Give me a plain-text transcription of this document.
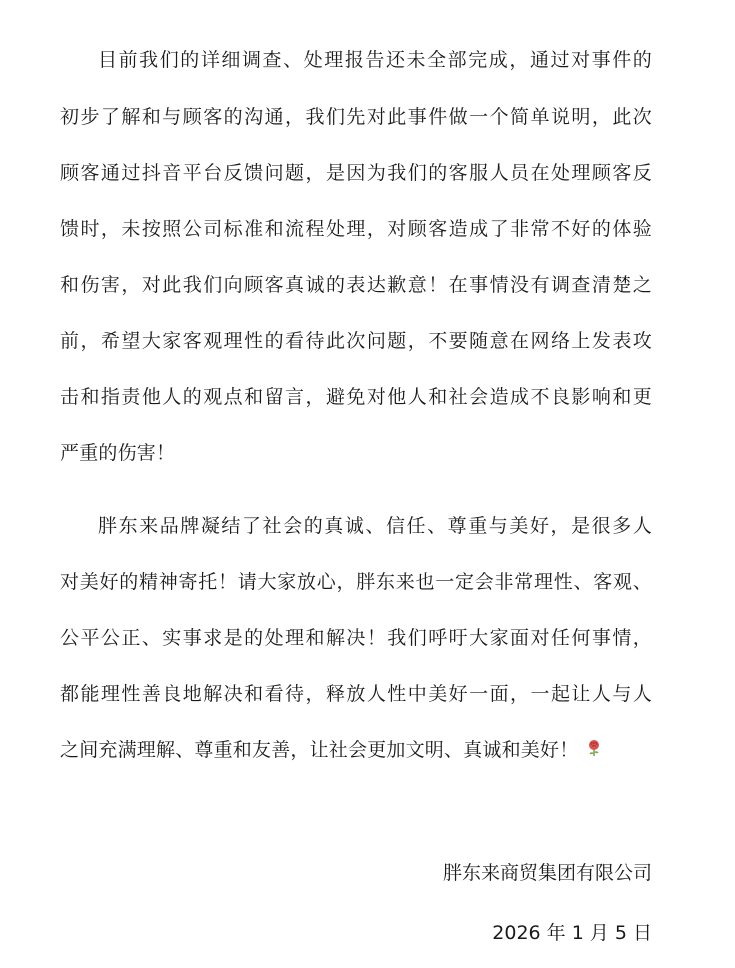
目前我们的详细调查、处理报告还未全部完成，通过对事件的
初步了解和与顾客的沟通，我们先对此事件做一个简单说明，此次
顾客通过抖音平台反馈问题，是因为我们的客服人员在处理顾客反
馈时，未按照公司标准和流程处理，对顾客造成了非常不好的体验
和伤害，对此我们向顾客真诚的表达歉意！在事情没有调查清楚之
前，希望大家客观理性的看待此次问题，不要随意在网络上发表攻
击和指责他人的观点和留言，避免对他人和社会造成不良影响和更
严重的伤害！
胖东来品牌凝结了社会的真诚、信任、尊重与美好，是很多人
对美好的精神寄托！请大家放心，胖东来也一定会非常理性、客观、
公平公正、实事求是的处理和解决！我们呼吁大家面对任何事情，
都能理性善良地解决和看待，释放人性中美好一面，一起让人与人
之间充满理解、尊重和友善，让社会更加文明、真诚和美好！
胖东来商贸集团有限公司
2026 年 1 月 5 日
